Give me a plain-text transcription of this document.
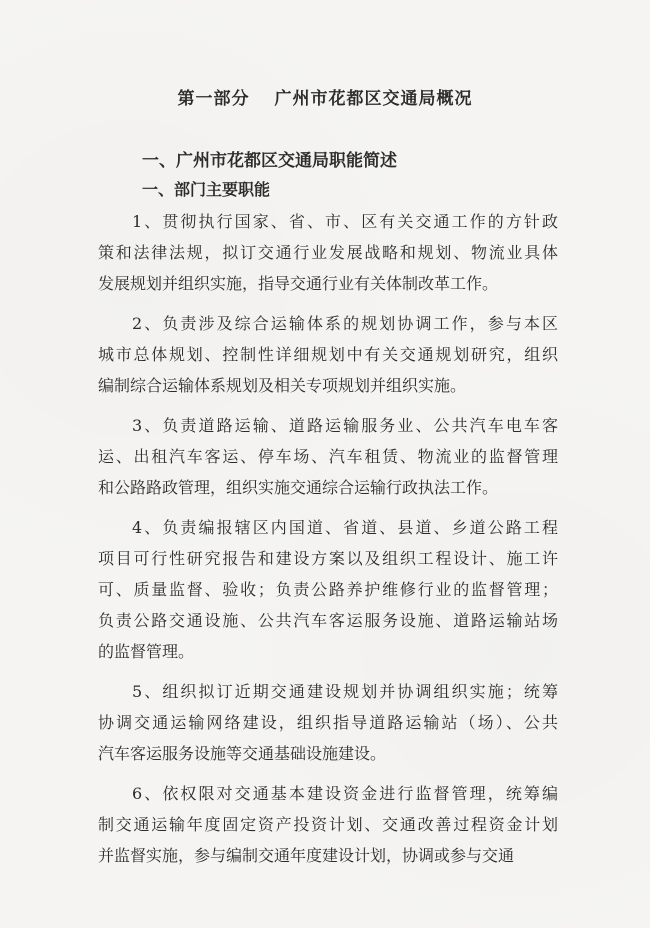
第一部分　 广州市花都区交通局概况
一、广州市花都区交通局职能简述
一、部门主要职能

1、贯彻执行国家、省、市、区有关交通工作的方针政
策和法律法规，拟订交通行业发展战略和规划、物流业具体
发展规划并组织实施，指导交通行业有关体制改革工作。

2、负责涉及综合运输体系的规划协调工作，参与本区
城市总体规划、控制性详细规划中有关交通规划研究，组织
编制综合运输体系规划及相关专项规划并组织实施。

3、负责道路运输、道路运输服务业、公共汽车电车客
运、出租汽车客运、停车场、汽车租赁、物流业的监督管理
和公路路政管理，组织实施交通综合运输行政执法工作。

4、负责编报辖区内国道、省道、县道、乡道公路工程
项目可行性研究报告和建设方案以及组织工程设计、施工许
可、质量监督、验收；负责公路养护维修行业的监督管理；
负责公路交通设施、公共汽车客运服务设施、道路运输站场
的监督管理。

5、组织拟订近期交通建设规划并协调组织实施；统筹
协调交通运输网络建设，组织指导道路运输站（场）、公共
汽车客运服务设施等交通基础设施建设。

6、依权限对交通基本建设资金进行监督管理，统筹编
制交通运输年度固定资产投资计划、交通改善过程资金计划
并监督实施，参与编制交通年度建设计划，协调或参与交通
